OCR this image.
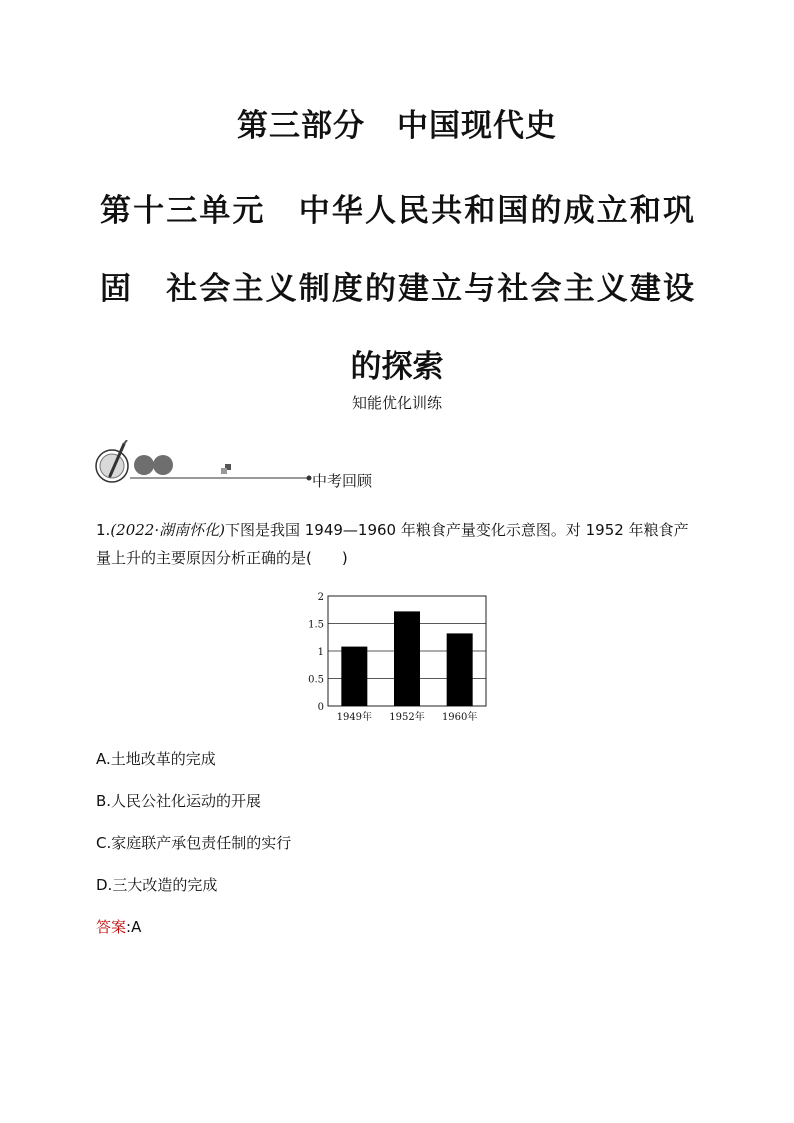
第三部分　中国现代史
第十三单元　中华人民共和国的成立和巩
固　社会主义制度的建立与社会主义建设
的探索
知能优化训练
中考回顾
1.(2022·湖南怀化)下图是我国 1949—1960 年粮食产量变化示意图。对 1952 年粮食产量上升的主要原因分析正确的是(　　)
0
0.5
1
1.5
2
1949年 1952年 1960年
A.土地改革的完成
B.人民公社化运动的开展
C.家庭联产承包责任制的实行
D.三大改造的完成
答案:A
